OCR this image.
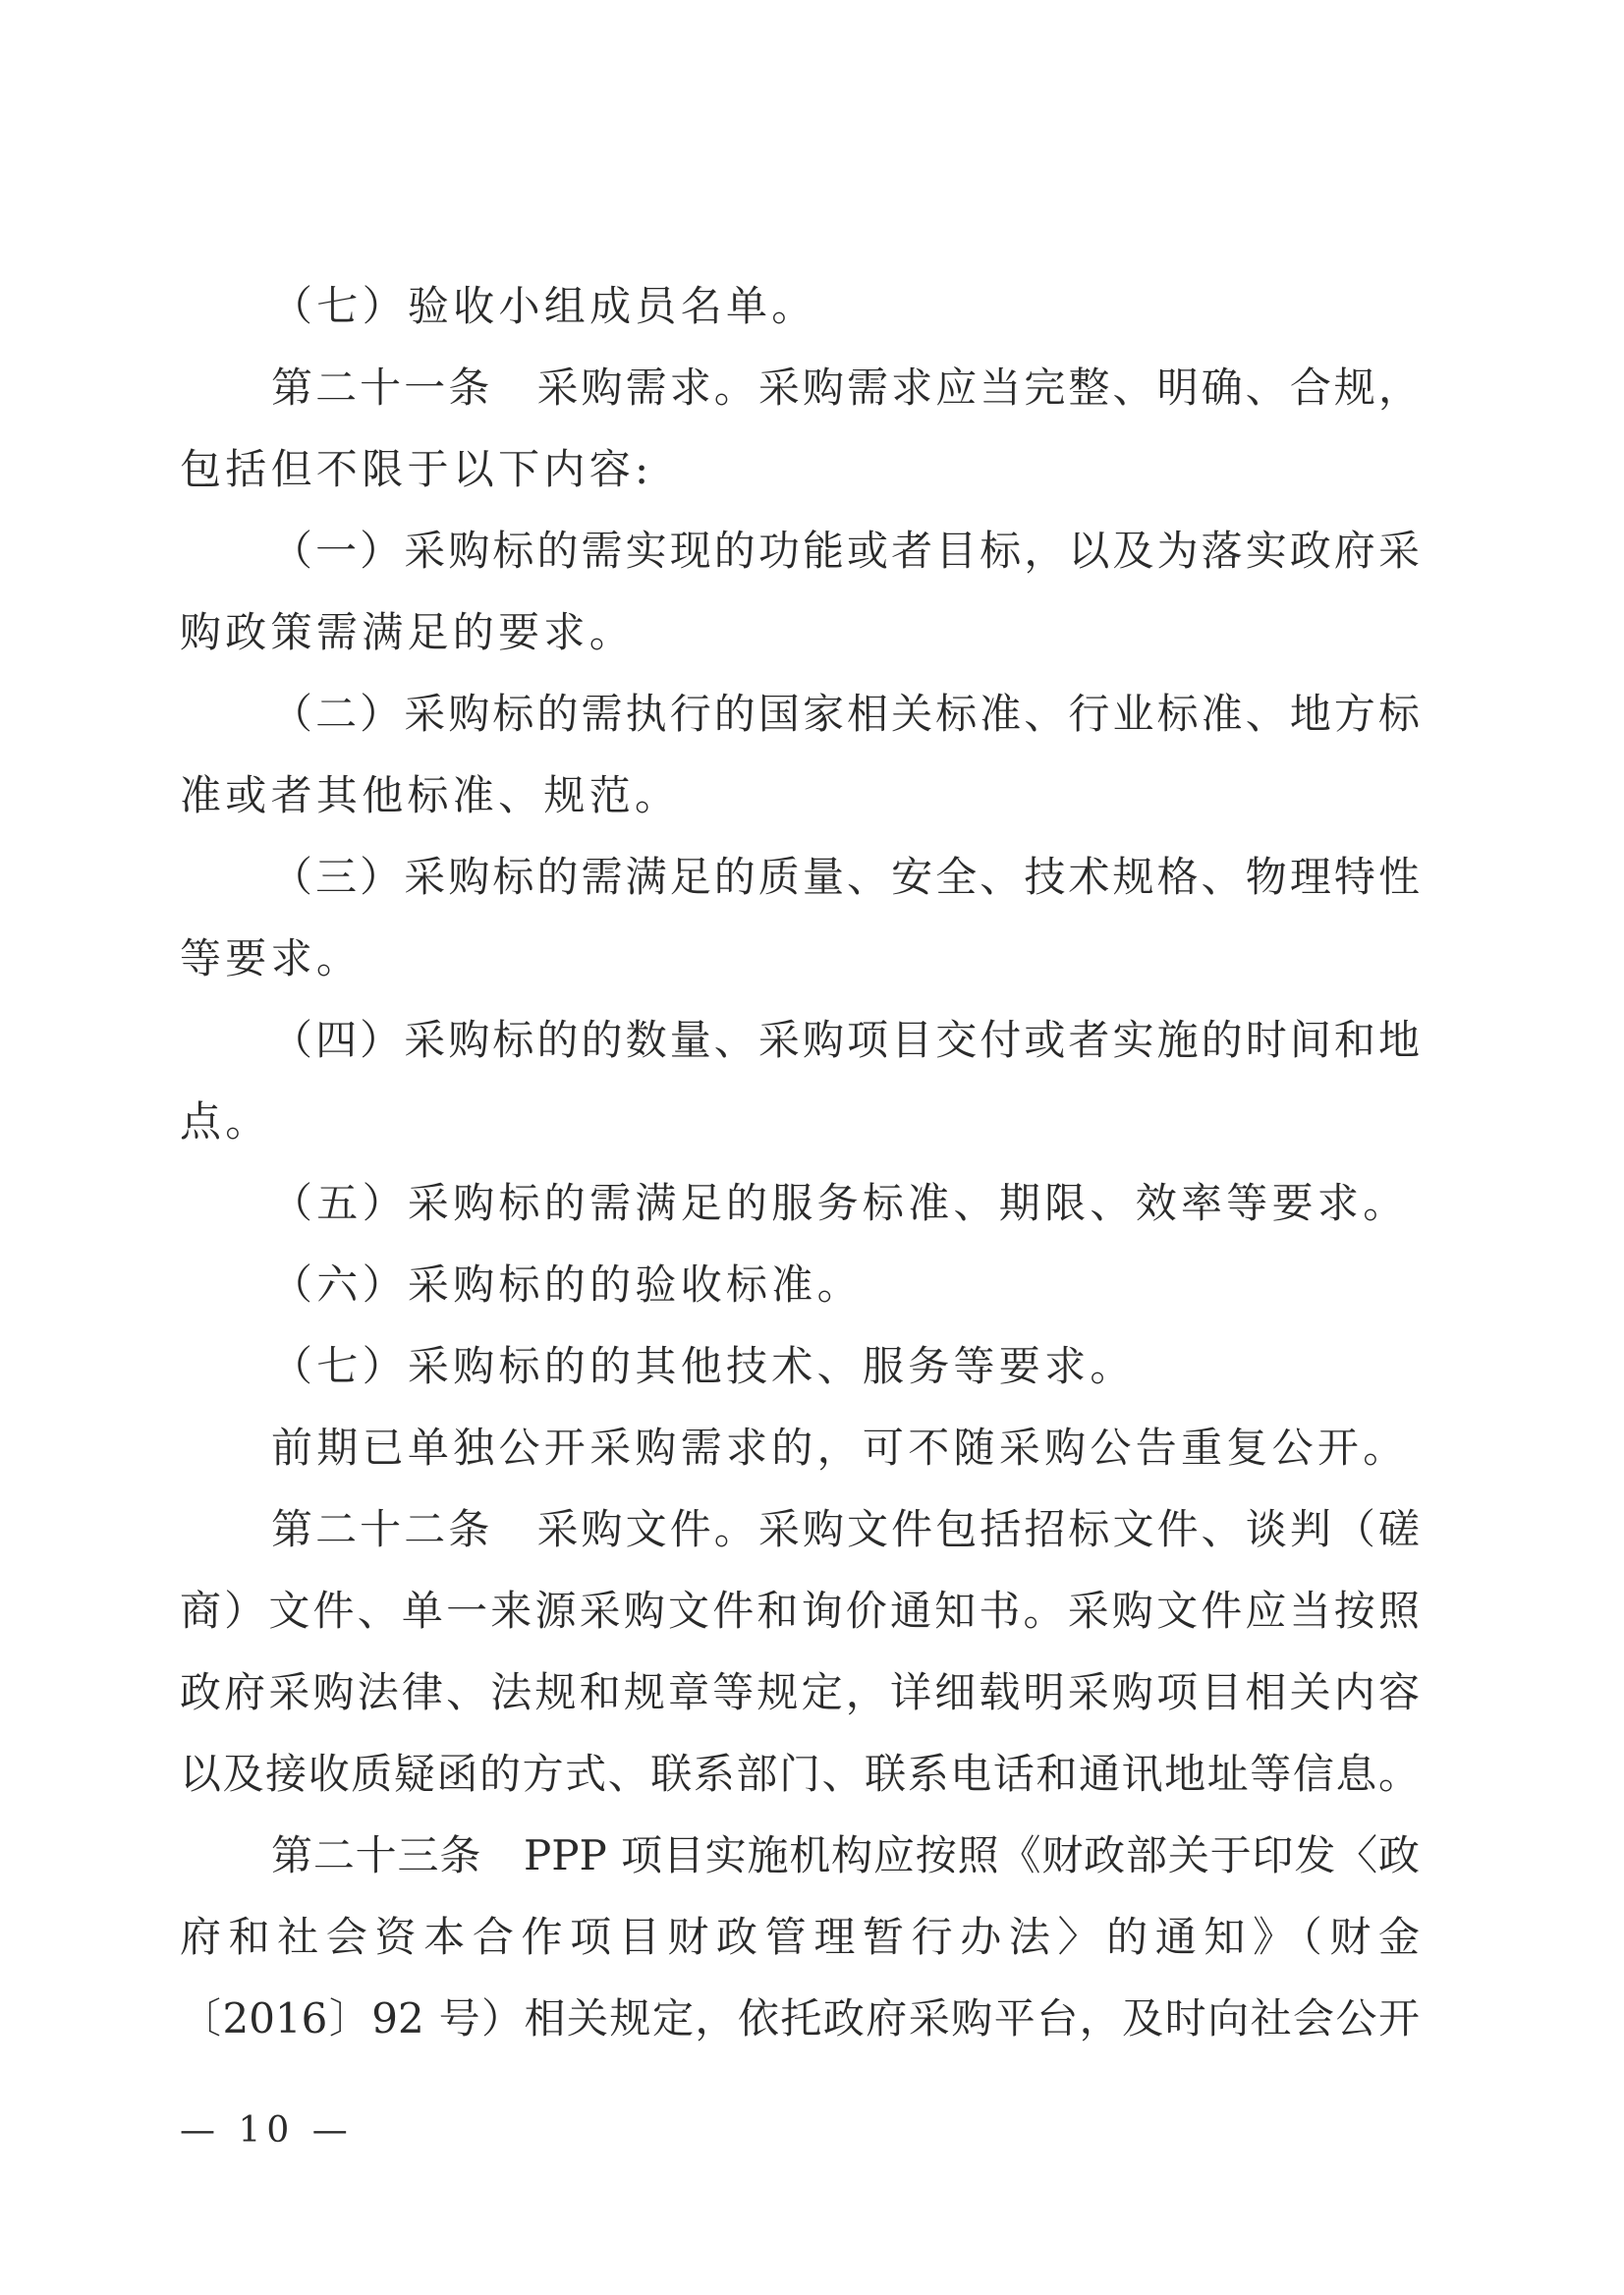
（七）验收小组成员名单。
第二十一条　采购需求。采购需求应当完整、明确、合规，
包括但不限于以下内容:
（一）采购标的需实现的功能或者目标，以及为落实政府采
购政策需满足的要求。
（二）采购标的需执行的国家相关标准、行业标准、地方标
准或者其他标准、规范。
（三）采购标的需满足的质量、安全、技术规格、物理特性
等要求。
（四）采购标的的数量、采购项目交付或者实施的时间和地
点。
（五）采购标的需满足的服务标准、期限、效率等要求。
（六）采购标的的验收标准。
（七）采购标的的其他技术、服务等要求。
前期已单独公开采购需求的，可不随采购公告重复公开。
第二十二条　采购文件。采购文件包括招标文件、谈判（磋
商）文件、单一来源采购文件和询价通知书。采购文件应当按照
政府采购法律、法规和规章等规定，详细载明采购项目相关内容
以及接收质疑函的方式、联系部门、联系电话和通讯地址等信息。
第二十三条　PPP 项目实施机构应按照《财政部关于印发〈政
府和社会资本合作项目财政管理暂行办法〉的通知》（财金
〔2016〕92 号）相关规定，依托政府采购平台，及时向社会公开
— 10 —
